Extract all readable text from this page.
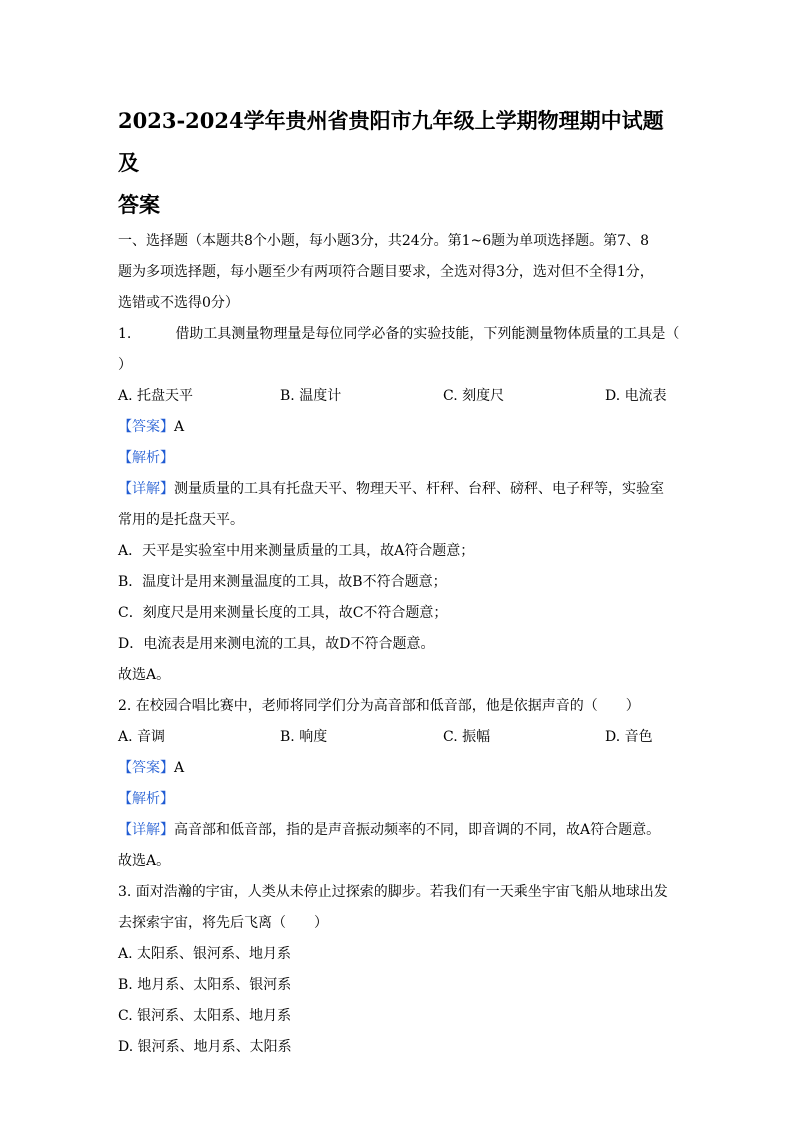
2023-2024学年贵州省贵阳市九年级上学期物理期中试题及

答案

一、选择题（本题共8个小题，每小题3分，共24分。第1~6题为单项选择题。第7、8

题为多项选择题，每小题至少有两项符合题目要求，全选对得3分，选对但不全得1分，

选错或不选得0分）

1.	借助工具测量物理量是每位同学必备的实验技能，下列能测量物体质量的工具是（

）

A. 托盘天平	B. 温度计	C. 刻度尺	D. 电流表

【答案】A

【解析】

【详解】测量质量的工具有托盘天平、物理天平、杆秤、台秤、磅秤、电子秤等，实验室

常用的是托盘天平。

A．天平是实验室中用来测量质量的工具，故A符合题意；

B．温度计是用来测量温度的工具，故B不符合题意；

C．刻度尺是用来测量长度的工具，故C不符合题意；

D．电流表是用来测电流的工具，故D不符合题意。

故选A。

2. 在校园合唱比赛中，老师将同学们分为高音部和低音部，他是依据声音的（　　）

A. 音调	B. 响度	C. 振幅	D. 音色

【答案】A

【解析】

【详解】高音部和低音部，指的是声音振动频率的不同，即音调的不同，故A符合题意。

故选A。

3. 面对浩瀚的宇宙，人类从未停止过探索的脚步。若我们有一天乘坐宇宙飞船从地球出发

去探索宇宙，将先后飞离（　　）

A. 太阳系、银河系、地月系

B. 地月系、太阳系、银河系

C. 银河系、太阳系、地月系

D. 银河系、地月系、太阳系
